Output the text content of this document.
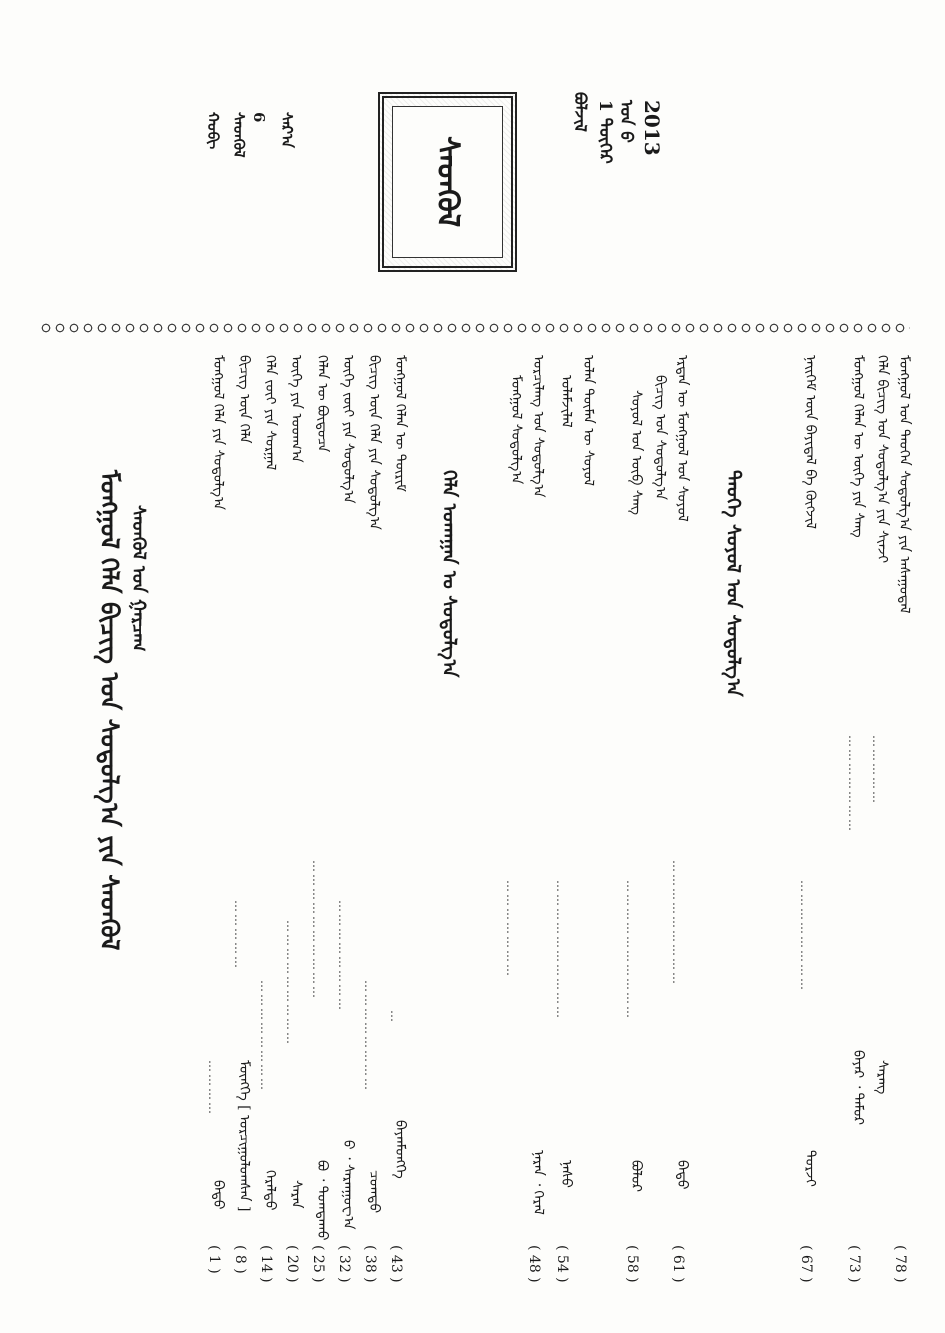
ᠪᠣᠯᠵᠢᠯ 1 ᠳᠦᠭᠡᠷ ᠣᠨ ᠪ 2013
ᠰᠡᠳᠬᠦᠯ
ᠰᠠᠷ᠎ᠠ
6
ᠰᠡᠳᠬᠦᠯ
ᠬᠤᠪᠢ
ᠮᠣᠩᠭᠣᠯ ᠤᠨ ᠲᠡᠦᠬᠡᠨ ᠰᠤᠳᠤᠯᠭ᠎ᠠ ᠶᠢᠨ ᠠᠰᠠᠭᠤᠳᠠᠯ
ᠬᠡᠯᠡ ᠪᠢᠴᠢᠭ ᠤᠨ ᠰᠤᠳᠤᠯᠭ᠎ᠠ ᠶᠢᠨ ᠰᠢᠨᠵᠢ
……………
ᠰᠡᠷᠡᠩ
( 78 )
ᠮᠣᠩᠭᠣᠯ ᠬᠡᠯᠡᠨ ᠦ ᠦᠭᠡ ᠶᠢᠨ ᠰᠠᠩ
…………………
ᠪᠠᠶᠠᠷ ᠂ ᠲᠡᠮᠦᠷ
( 73 )
ᠨᠡᠢᠭᠡᠮ ᠦᠨ ᠪᠠᠶᠢᠳᠠᠯ ᠪᠠ ᠬᠥᠭᠵᠢᠯ
……………………
ᠳᠣᠷᠵᠢ
( 67 )
ᠲᠡᠦᠬᠡ ᠰᠣᠶᠣᠯ ᠤᠨ ᠰᠤᠳᠤᠯᠭ᠎ᠠ
ᠡᠷᠲᠡᠨ ᠦ ᠮᠣᠩᠭᠣᠯ ᠤᠨ ᠰᠣᠶᠣᠯ
ᠪᠢᠴᠢᠭ ᠤᠨ ᠰᠤᠳᠤᠯᠭ᠎ᠠ
………………………
ᠪᠠᠲᠤ
( 61 )
ᠰᠣᠶᠣᠯ ᠤᠨ ᠥᠪ ᠰᠠᠩ
…………………………
ᠪᠣᠯᠤᠷ
( 58 )
ᠣᠯᠠᠨ ᠲᠥᠮᠡᠨ ᠦ ᠰᠣᠶᠣᠯ
ᠤᠯᠠᠮᠵᠢᠯᠠᠯ
…………………………
ᠨᠠᠰᠤ
( 54 )
ᠣᠷᠴᠢᠯᠠᠩ ᠤᠨ ᠰᠤᠳᠤᠯᠭ᠎ᠠ
ᠮᠣᠩᠭᠣᠯ ᠰᠤᠳᠤᠯᠭ᠎ᠠ
…………………
ᠨᠠᠷᠠᠨ ᠂ ᠭᠡᠷᠡᠯ
( 48 )
ᠬᠡᠯᠡ ᠤᠬᠠᠭᠠᠨ ᠤ ᠰᠤᠳᠤᠯᠭ᠎ᠠ
ᠮᠣᠩᠭᠣᠯ ᠬᠡᠯᠡᠨ ᠦ ᠳᠦᠷᠢᠮ
…
ᠪᠠᠶᠠᠨᠮᠥᠩᠬᠡ
( 43 )
ᠪᠢᠴᠢᠭ ᠦᠨ ᠬᠡᠯᠡ ᠶᠢᠨ ᠰᠤᠳᠤᠯᠭ᠎ᠠ
……………………
ᠴᠣᠭᠲᠤ
( 38 )
ᠦᠭᠡ ᠵᠦᠢ ᠶᠢᠨ ᠰᠤᠳᠤᠯᠭ᠎ᠠ
……………………
ᠪ ᠂ ᠰᠠᠷᠠᠨᠭᠤᠸ᠎ᠠ
( 32 )
ᠬᠡᠯᠡᠨ ᠦ ᠪᠦᠲᠦᠴᠡ
…………………………
ᠪᠣ ᠂ ᠲᠣᠭᠲᠠᠬᠤ
( 25 )
ᠦᠭᠡ ᠶᠢᠨ ᠤᠳᠬ᠎ᠠ
………………………
ᠰᠠᠷᠠᠨ
( 20 )
ᠬᠡᠯᠡ ᠵᠦᠢ ᠶᠢᠨ ᠰᠣᠷᠭᠠᠯ
……………………
ᠭᠡᠷᠡᠯᠲᠦ
( 14 )
ᠪᠢᠴᠢᠭ ᠦᠨ ᠬᠡᠯᠡ
……………
ᠮᠥᠩᠬᠡ [ ᠣᠷᠴᠢᠭᠤᠯᠤᠭ᠍ᠰᠠᠨ ]
( 8 )
ᠮᠣᠩᠭᠣᠯ ᠬᠡᠯᠡ ᠶᠢᠨ ᠰᠤᠳᠤᠯᠭ᠎ᠠ
…………
ᠪᠠᠲᠤ
( 1 )
ᠰᠡᠳᠬᠦᠯ ᠤᠨ ᠭᠠᠷᠴᠠᠭ
ᠮᠣᠩᠭᠣᠯ ᠬᠡᠯᠡ ᠪᠢᠴᠢᠭ ᠤᠨ ᠰᠤᠳᠤᠯᠭ᠎ᠠ ᠶᠢᠨ ᠰᠡᠳᠬᠦᠯ
